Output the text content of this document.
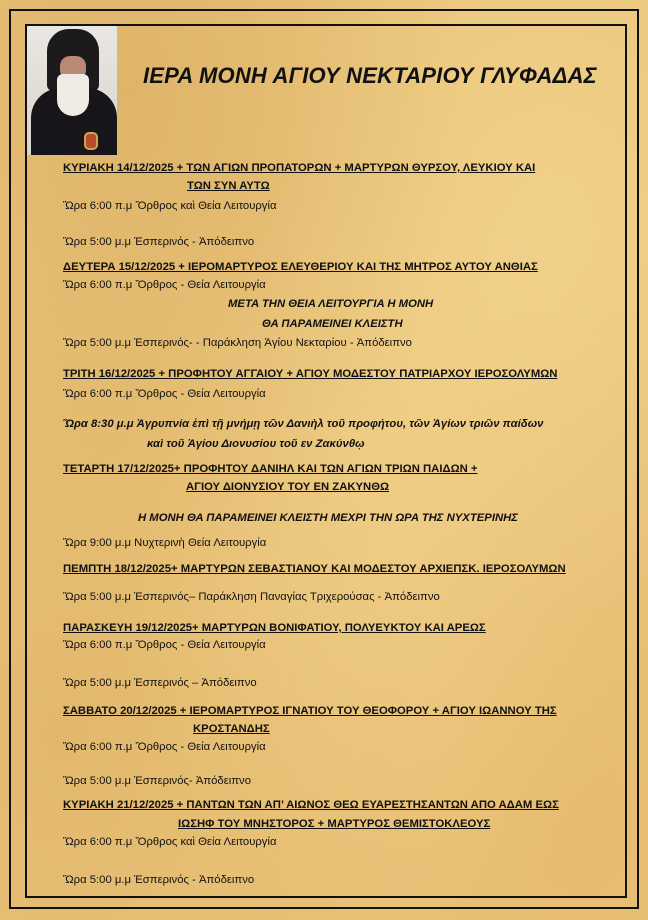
ΙΕΡΑ ΜΟΝΗ ΑΓΙΟΥ ΝΕΚΤΑΡΙΟΥ ΓΛΥΦΑΔΑΣ
ΚΥΡΙΑΚΗ 14/12/2025 + ΤΩΝ ΑΓΙΩΝ ΠΡΟΠΑΤΟΡΩΝ + ΜΑΡΤΥΡΩΝ ΘΥΡΣΟΥ, ΛΕΥΚΙΟΥ ΚΑΙ
ΤΩΝ ΣΥΝ ΑΥΤΩ
Ὥρα 6:00 π.μ Ὄρθρος καὶ Θεία Λειτουργία
Ὥρα 5:00 μ.μ Ἑσπερινός - Ἀπόδειπνο
ΔΕΥΤΕΡΑ 15/12/2025 + ΙΕΡΟΜΑΡΤΥΡΟΣ ΕΛΕΥΘΕΡΙΟΥ ΚΑΙ ΤΗΣ ΜΗΤΡΟΣ ΑΥΤΟΥ ΑΝΘΙΑΣ
Ὥρα 6:00 π.μ Ὄρθρος - Θεία Λειτουργία
ΜΕΤΑ ΤΗΝ ΘΕΙΑ ΛΕΙΤΟΥΡΓΙΑ Η ΜΟΝΗ
ΘΑ ΠΑΡΑΜΕΙΝΕΙ ΚΛΕΙΣΤΗ
Ὥρα 5:00 μ.μ Ἑσπερινός- - Παράκληση Ἁγίου Νεκταρίου - Ἀπόδειπνο
ΤΡΙΤΗ 16/12/2025 + ΠΡΟΦΗΤΟΥ ΑΓΓΑΙΟΥ + ΑΓΙΟΥ ΜΟΔΕΣΤΟΥ ΠΑΤΡΙΑΡΧΟΥ ΙΕΡΟΣΟΛΥΜΩΝ
Ὥρα 6:00 π.μ Ὄρθρος - Θεία Λειτουργία
Ὥρα 8:30 μ.μ Ἀγρυπνία ἐπὶ τῇ μνήμῃ τῶν Δανιὴλ τοῦ προφήτου, τῶν Ἁγίων τριῶν παίδων
καὶ τοῦ Ἁγίου Διονυσίου τοῦ εν Ζακύνθῳ
ΤΕΤΑΡΤΗ 17/12/2025+ ΠΡΟΦΗΤΟΥ ΔΑΝΙΗΛ ΚΑΙ ΤΩΝ ΑΓΙΩΝ ΤΡΙΩΝ ΠΑΙΔΩΝ +
ΑΓΙΟΥ ΔΙΟΝΥΣΙΟΥ ΤΟΥ ΕΝ ΖΑΚΥΝΘΩ
Η ΜΟΝΗ ΘΑ ΠΑΡΑΜΕΙΝΕΙ ΚΛΕΙΣΤΗ ΜΕΧΡΙ ΤΗΝ ΩΡΑ ΤΗΣ ΝΥΧΤΕΡΙΝΗΣ
Ὥρα 9:00 μ.μ Νυχτερινὴ Θεία Λειτουργία
ΠΕΜΠΤΗ 18/12/2025+ ΜΑΡΤΥΡΩΝ ΣΕΒΑΣΤΙΑΝΟΥ ΚΑΙ ΜΟΔΕΣΤΟΥ ΑΡΧΙΕΠΣΚ. ΙΕΡΟΣΟΛΥΜΩΝ
Ὥρα 5:00 μ.μ Ἑσπερινός– Παράκληση Παναγίας Τριχερούσας - Ἀπόδειπνο
ΠΑΡΑΣΚΕΥΗ 19/12/2025+ ΜΑΡΤΥΡΩΝ ΒΟΝΙΦΑΤΙΟΥ, ΠΟΛΥΕΥΚΤΟΥ ΚΑΙ ΑΡΕΩΣ
Ὥρα 6:00 π.μ Ὄρθρος - Θεία Λειτουργία
Ὥρα 5:00 μ.μ Ἑσπερινός – Ἀπόδειπνο
ΣΑΒΒΑΤΟ 20/12/2025 + ΙΕΡΟΜΑΡΤΥΡΟΣ ΙΓΝΑΤΙΟΥ ΤΟΥ ΘΕΟΦΟΡΟΥ + ΑΓΙΟΥ ΙΩΑΝΝΟΥ ΤΗΣ
ΚΡΟΣΤΑΝΔΗΣ
Ὥρα 6:00 π.μ Ὄρθρος - Θεία Λειτουργία
Ὥρα 5:00 μ.μ Ἑσπερινός- Ἀπόδειπνο
ΚΥΡΙΑΚΗ 21/12/2025 + ΠΑΝΤΩΝ ΤΩΝ ΑΠ’ ΑΙΩΝΟΣ ΘΕΩ ΕΥΑΡΕΣΤΗΣΑΝΤΩΝ ΑΠΟ ΑΔΑΜ ΕΩΣ
ΙΩΣΗΦ ΤΟΥ ΜΝΗΣΤΟΡΟΣ + ΜΑΡΤΥΡΟΣ ΘΕΜΙΣΤΟΚΛΕΟΥΣ
Ὥρα 6:00 π.μ Ὄρθρος καὶ Θεία Λειτουργία
Ὥρα 5:00 μ.μ Ἑσπερινός - Ἀπόδειπνο
